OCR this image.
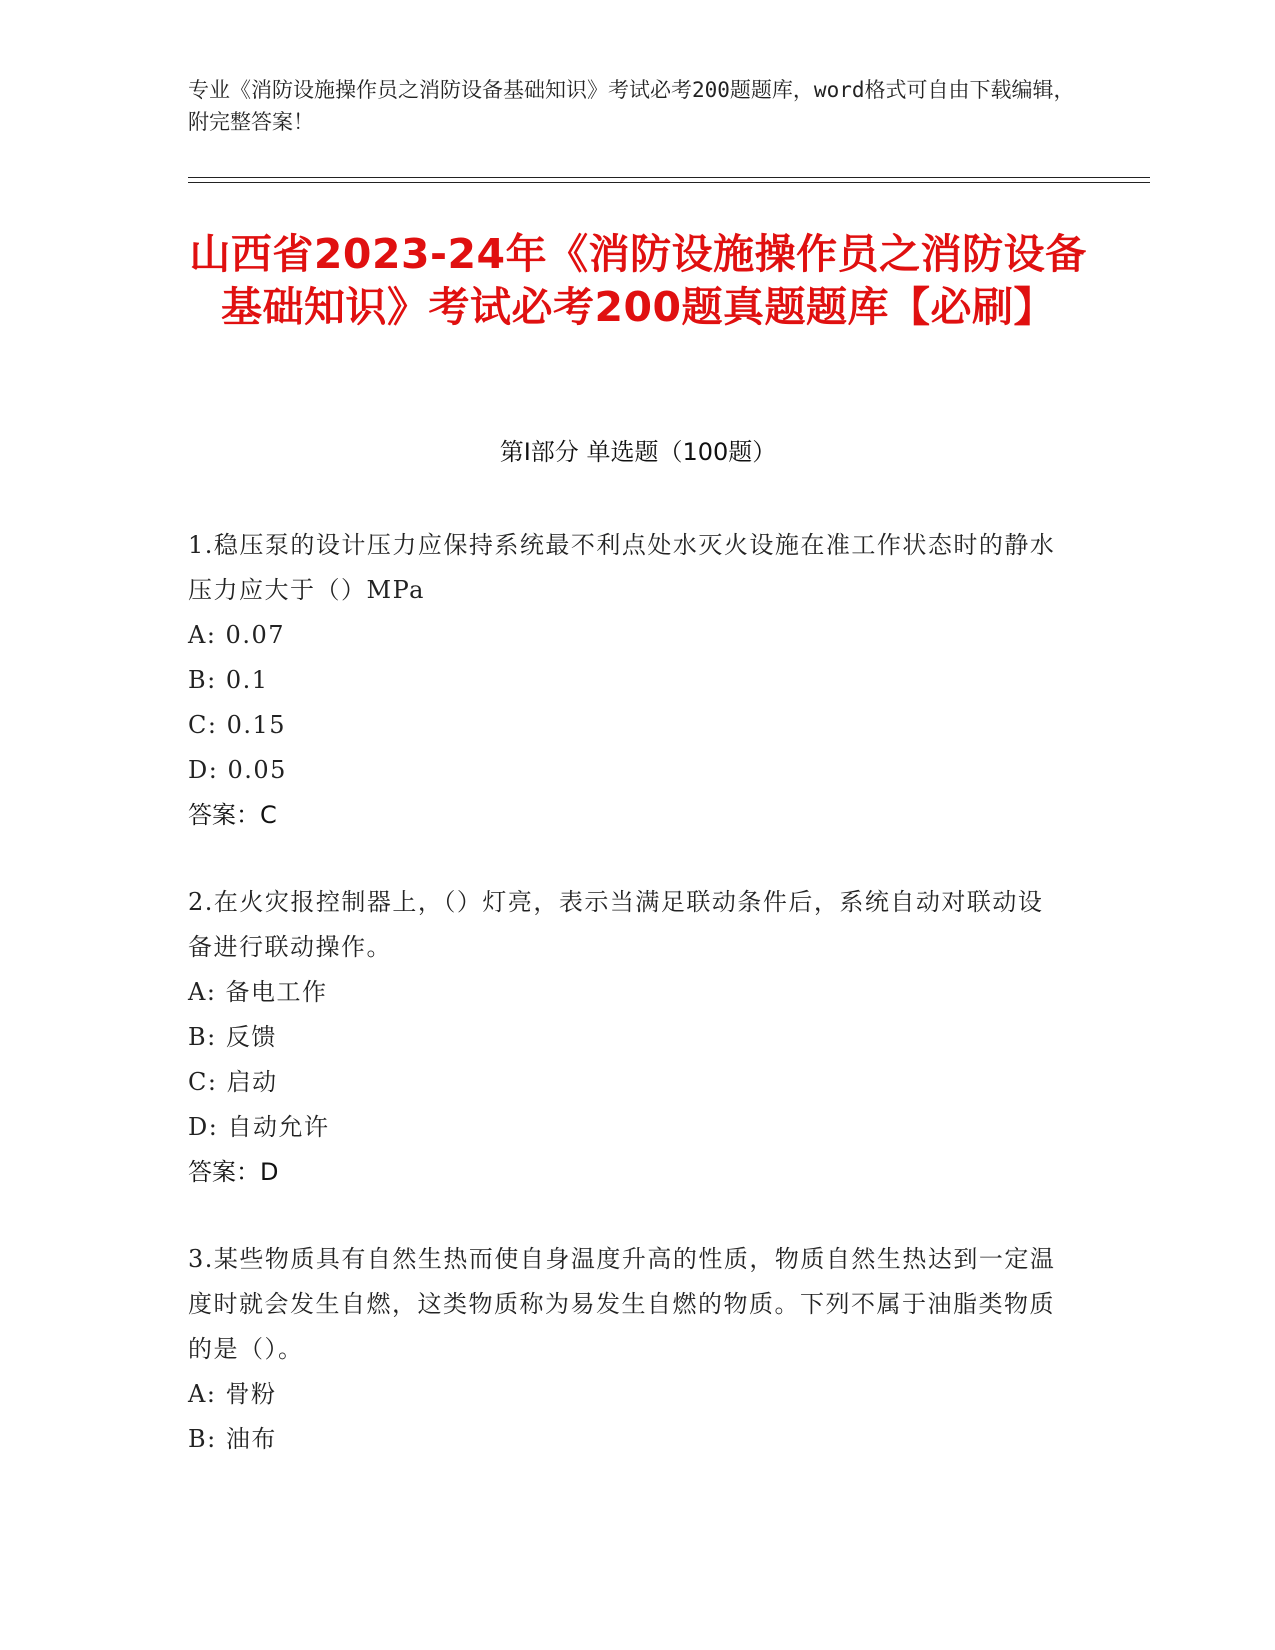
专业《消防设施操作员之消防设备基础知识》考试必考200题题库，word格式可自由下载编辑，附完整答案！
山西省2023-24年《消防设施操作员之消防设备基础知识》考试必考200题真题题库【必刷】
第I部分 单选题（100题）
1.稳压泵的设计压力应保持系统最不利点处水灭火设施在准工作状态时的静水压力应大于（）MPa
A: 0.07
B: 0.1
C: 0.15
D: 0.05
答案：C
2.在火灾报控制器上，（）灯亮，表示当满足联动条件后，系统自动对联动设备进行联动操作。
A: 备电工作
B: 反馈
C: 启动
D: 自动允许
答案：D
3.某些物质具有自然生热而使自身温度升高的性质，物质自然生热达到一定温度时就会发生自燃，这类物质称为易发生自燃的物质。下列不属于油脂类物质的是（）。
A: 骨粉
B: 油布
